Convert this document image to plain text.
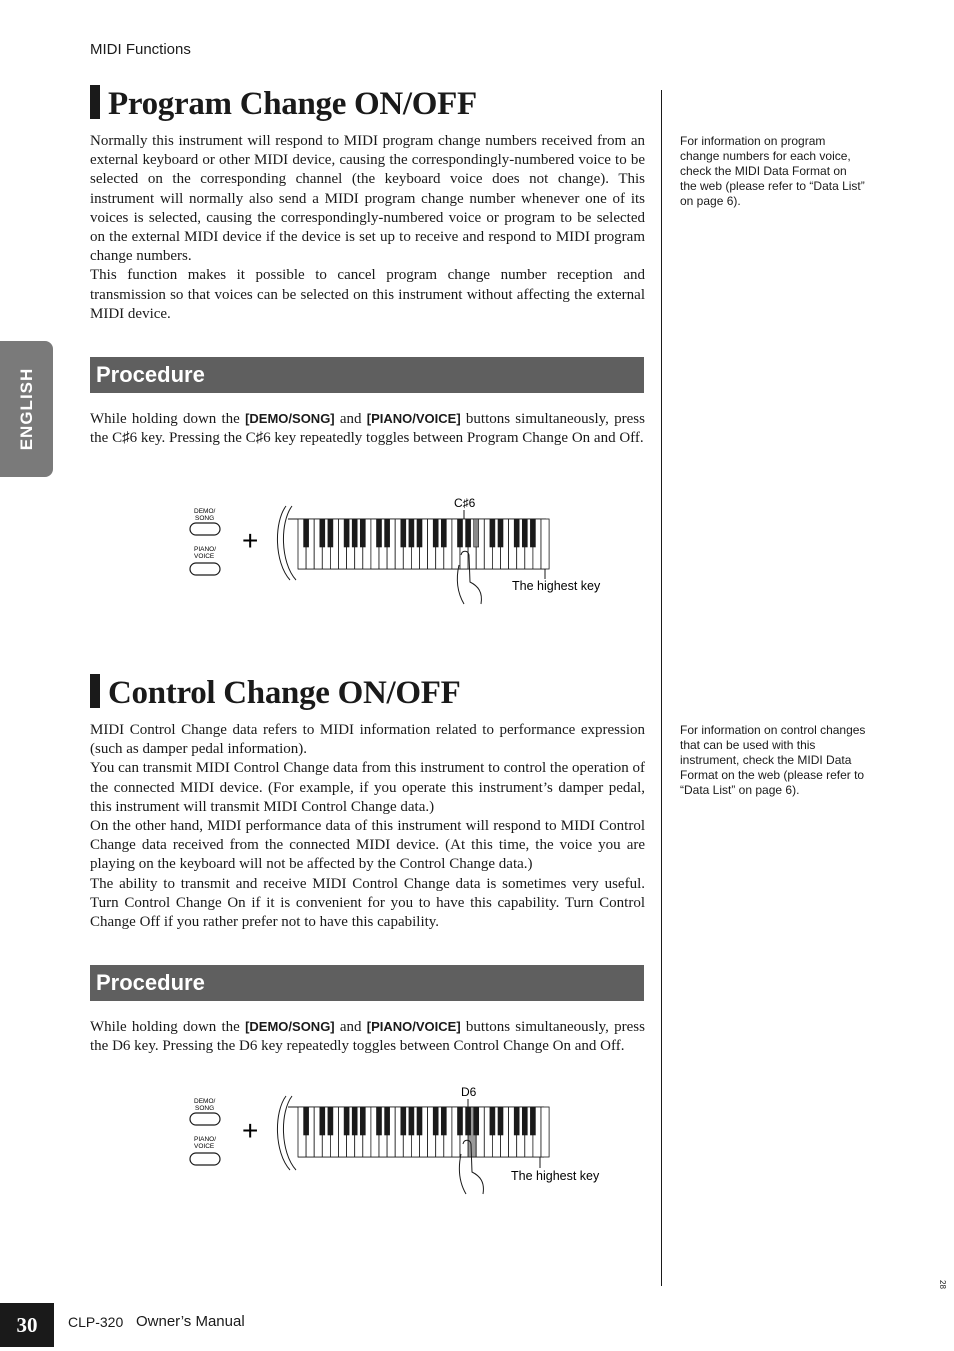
MIDI Functions
ENGLISH
Program Change ON/OFF

Normally this instrument will respond to MIDI program change numbers received from an external keyboard or other MIDI device, causing the correspondingly-numbered voice to be selected on the corresponding channel (the keyboard voice does not change). This instrument will normally also send a MIDI program change number whenever one of its voices is selected, causing the correspondingly-numbered voice or program to be selected on the external MIDI device if the device is set up to receive and respond to MIDI program change numbers.

This function makes it possible to cancel program change number reception and transmission so that voices can be selected on this instrument without affecting the external MIDI device.

Procedure

While holding down the [DEMO/SONG] and [PIANO/VOICE] buttons simultaneously, press the C♯6 key. Pressing the C♯6 key repeatedly toggles between Program Change On and Off.

DEMO/
SONG
PIANO/
VOICE
+
C♯6
The highest key
For information on program change numbers for each voice, check the MIDI Data Format on the web (please refer to “Data List” on page 6).
Control Change ON/OFF

MIDI Control Change data refers to MIDI information related to performance expression (such as damper pedal information).

You can transmit MIDI Control Change data from this instrument to control the operation of the connected MIDI device. (For example, if you operate this instrument’s damper pedal, this instrument will transmit MIDI Control Change data.)

On the other hand, MIDI performance data of this instrument will respond to MIDI Control Change data received from the connected MIDI device. (At this time, the voice you are playing on the keyboard will not be affected by the Control Change data.)

The ability to transmit and receive MIDI Control Change data is sometimes very useful. Turn Control Change On if it is convenient for you to have this capability. Turn Control Change Off if you rather prefer not to have this capability.

Procedure

While holding down the [DEMO/SONG] and [PIANO/VOICE] buttons simultaneously, press the D6 key. Pressing the D6 key repeatedly toggles between Control Change On and Off.

DEMO/
SONG
PIANO/
VOICE
+
D6
The highest key
For information on control changes that can be used with this instrument, check the MIDI Data Format on the web (please refer to “Data List” on page 6).
30	CLP-320 Owner’s Manual
28
